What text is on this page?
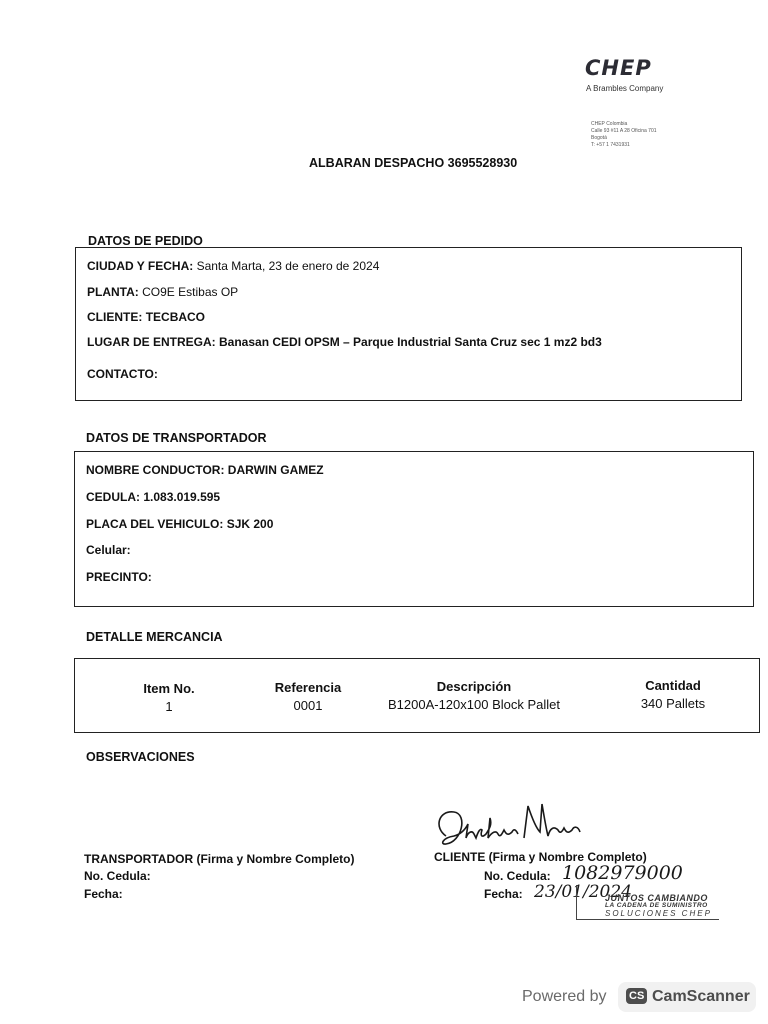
CHEP
A Brambles Company
CHEP Colombia
Calle 93 #11 A 28 Oficina 701
Bogotá
T: +57 1 7431931
ALBARAN DESPACHO 3695528930
DATOS DE PEDIDO
CIUDAD Y FECHA: Santa Marta, 23 de enero de 2024
PLANTA: CO9E Estibas OP
CLIENTE: TECBACO
LUGAR DE ENTREGA: Banasan CEDI OPSM – Parque Industrial Santa Cruz sec 1 mz2 bd3
CONTACTO:
DATOS DE TRANSPORTADOR
NOMBRE CONDUCTOR: DARWIN GAMEZ
CEDULA: 1.083.019.595
PLACA DEL VEHICULO: SJK 200
Celular:
PRECINTO:
DETALLE MERCANCIA
Item No.	Referencia	Descripción	Cantidad
1	0001	B1200A-120x100 Block Pallet	340 Pallets
OBSERVACIONES
TRANSPORTADOR (Firma y Nombre Completo)
No. Cedula:
Fecha:
CLIENTE (Firma y Nombre Completo)
No. Cedula: 1082979000
Fecha: 23/01/2024
JUNTOS CAMBIANDO
LA CADENA DE SUMINISTRO
SOLUCIONES CHEP
Powered by CS CamScanner
